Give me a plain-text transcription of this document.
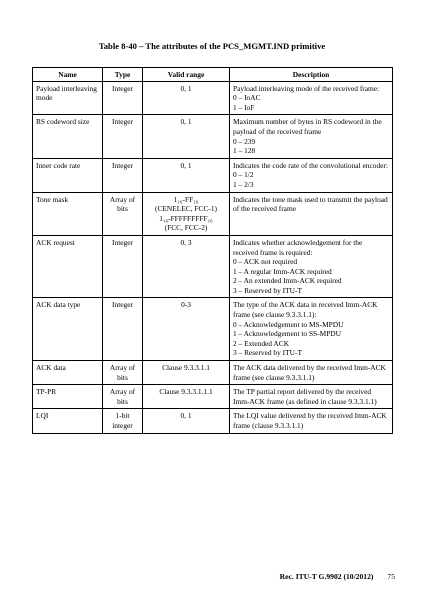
Table 8-40 – The attributes of the PCS_MGMT.IND primitive
Name	Type	Valid range	Description
Payload interleaving mode	Integer	0, 1	Payload interleaving mode of the received frame:
0 – IoAC
1 – IoF

RS codeword size	Integer	0, 1	Maximum number of bytes in RS codeword in the payload of the received frame
0 – 239
1 – 128

Inner code rate	Integer	0, 1	Indicates the code rate of the convolutional encoder:
0 – 1/2
1 – 2/3

Tone mask	Array of bits	1₁₆-FF₁₆
(CENELEC, FCC-1)
1₁₆-FFFFFFFFF₁₆
(FCC, FCC-2)	Indicates the tone mask used to transmit the payload of the received frame

ACK request	Integer	0, 3	Indicates whether acknowledgement for the received frame is required:
0 – ACK not required
1 – A regular Imm-ACK required
2 – An extended Imm-ACK required
3 – Reserved by ITU-T

ACK data type	Integer	0-3	The type of the ACK data in received Imm-ACK frame (see clause 9.3.3.1.1):
0 – Acknowledgement to MS-MPDU
1 – Acknowledgement to SS-MPDU
2 – Extended ACK
3 – Reserved by ITU-T

ACK data	Array of bits	Clause 9.3.3.1.1	The ACK data delivered by the received Imm-ACK frame (see clause 9.3.3.1.1)

TP-PR	Array of bits	Clause 9.3.3.1.1.1	The TP partial report delivered by the received Imm-ACK frame (as defined in clause 9.3.3.1.1)

LQI	1-bit integer	0, 1	The LQI value delivered by the received Imm-ACK frame (clause 9.3.3.1.1)
Rec. ITU-T G.9902 (10/2012) 75
